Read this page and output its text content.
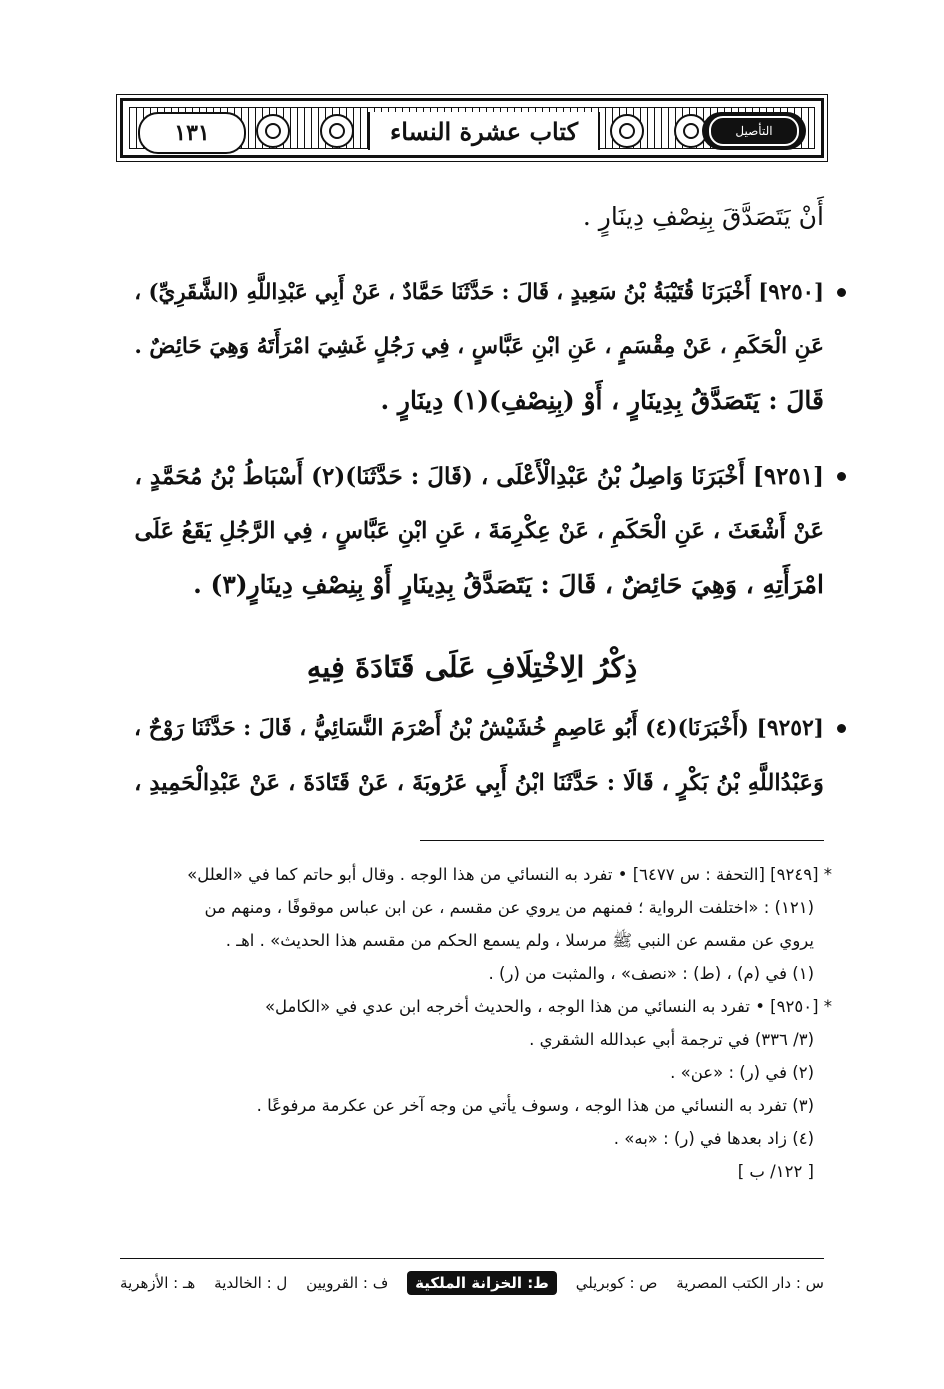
١٣١	كتاب عشرة النساء	التأصيل

أَنْ يَتَصَدَّقَ بِنِصْفِ دِينَارٍ .

[٩٢٥٠] أَخْبَرَنَا قُتَيْبَةُ بْنُ سَعِيدٍ ، قَالَ : حَدَّثَنَا حَمَّادٌ ، عَنْ أَبِي عَبْدِاللَّهِ (الشَّقَرِيِّ) ،

عَنِ الْحَكَمِ ، عَنْ مِقْسَمٍ ، عَنِ ابْنِ عَبَّاسٍ ، فِي رَجُلٍ غَشِيَ امْرَأَتَهُ وَهِيَ حَائِضٌ .

قَالَ : يَتَصَدَّقُ بِدِينَارٍ ، أَوْ (بِنِصْفِ)(١) دِينَارٍ .

[٩٢٥١] أَخْبَرَنَا وَاصِلُ بْنُ عَبْدِالْأَعْلَى ، (قَالَ : حَدَّثَنَا)(٢) أَسْبَاطُ بْنُ مُحَمَّدٍ ،

عَنْ أَشْعَثَ ، عَنِ الْحَكَمِ ، عَنْ عِكْرِمَةَ ، عَنِ ابْنِ عَبَّاسٍ ، فِي الرَّجُلِ يَقَعُ عَلَى

امْرَأَتِهِ ، وَهِيَ حَائِضٌ ، قَالَ : يَتَصَدَّقُ بِدِينَارٍ أَوْ بِنِصْفِ دِينَارٍ(٣) .

ذِكْرُ الِاخْتِلَافِ عَلَى قَتَادَةَ فِيهِ

[٩٢٥٢] (أَخْبَرَنَا)(٤) أَبُو عَاصِمٍ خُشَيْشُ بْنُ أَصْرَمَ النَّسَائِيُّ ، قَالَ : حَدَّثَنَا رَوْحٌ ،

وَعَبْدُاللَّهِ بْنُ بَكْرٍ ، قَالَا : حَدَّثَنَا ابْنُ أَبِي عَرُوبَةَ ، عَنْ قَتَادَةَ ، عَنْ عَبْدِالْحَمِيدِ ،

* [٩٢٤٩] [التحفة : س ٦٤٧٧] • تفرد به النسائي من هذا الوجه . وقال أبو حاتم كما في «العلل»

(١٢١) : «اختلفت الرواية ؛ فمنهم من يروي عن مقسم ، عن ابن عباس موقوفًا ، ومنهم من

يروي عن مقسم عن النبي ﷺ مرسلا ، ولم يسمع الحكم من مقسم هذا الحديث» . اهـ .

(١) في (م) ، (ط) : «نصف» ، والمثبت من (ر) .

* [٩٢٥٠] • تفرد به النسائي من هذا الوجه ، والحديث أخرجه ابن عدي في «الكامل»

(٣/ ٣٣٦) في ترجمة أبي عبدالله الشقري .

(٢) في (ر) : «عن» .

(٣) تفرد به النسائي من هذا الوجه ، وسوف يأتي من وجه آخر عن عكرمة مرفوعًا .

(٤) زاد بعدها في (ر) : «به» .

[ ١٢٢/ ب ]

س : دار الكتب المصرية
ص : كوبريلي
ط: الخزانة الملكية
ف : القرويين
ل : الخالدية
هـ : الأزهرية
